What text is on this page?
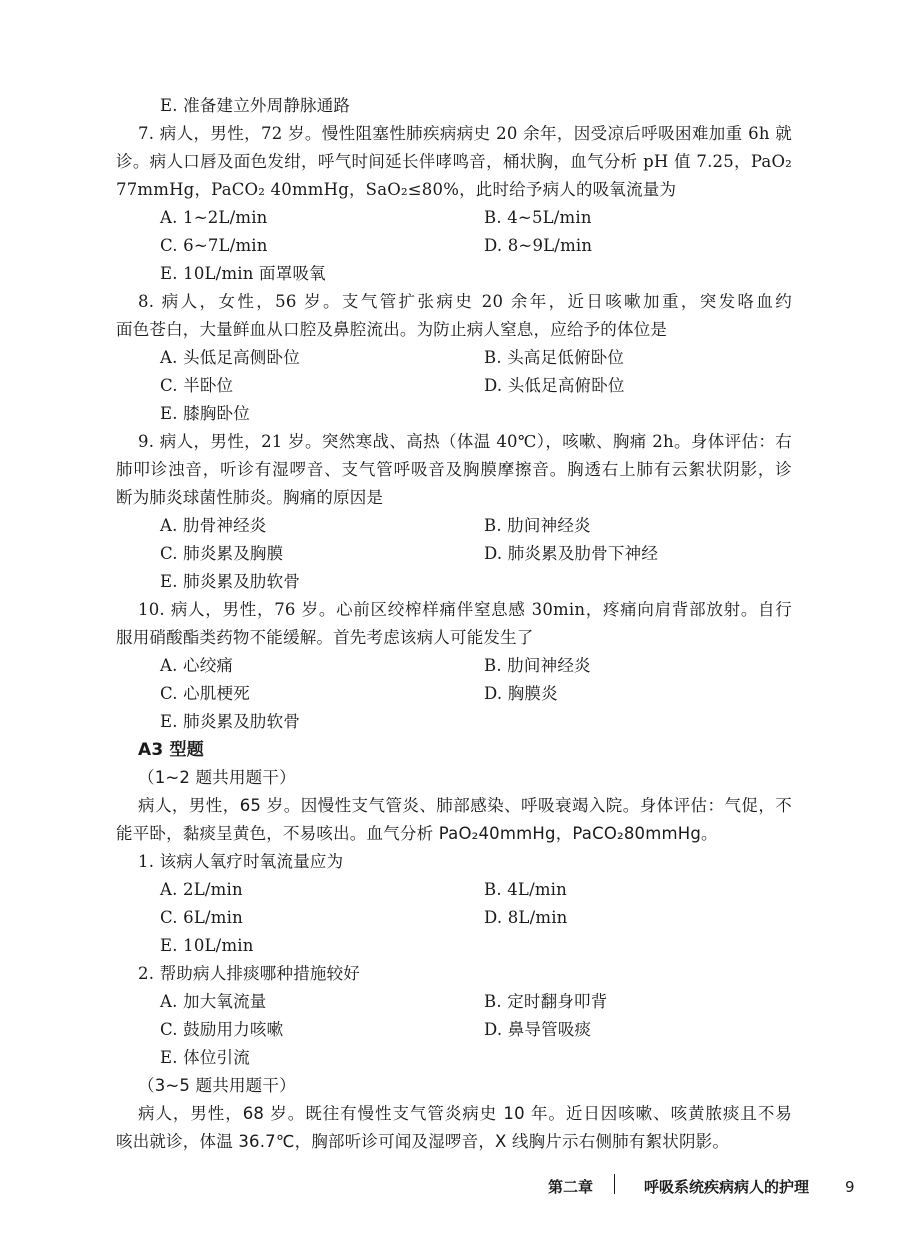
E. 准备建立外周静脉通路
7. 病人，男性，72 岁。慢性阻塞性肺疾病病史 20 余年，因受凉后呼吸困难加重 6h 就
诊。病人口唇及面色发绀，呼气时间延长伴哮鸣音，桶状胸，血气分析 pH 值 7.25，PaO₂
77mmHg，PaCO₂ 40mmHg，SaO₂≤80%，此时给予病人的吸氧流量为
A. 1~2L/min	B. 4~5L/min
C. 6~7L/min	D. 8~9L/min
E. 10L/min 面罩吸氧
8. 病人，女性，56 岁。支气管扩张病史 20 余年，近日咳嗽加重，突发咯血约
面色苍白，大量鲜血从口腔及鼻腔流出。为防止病人窒息，应给予的体位是
A. 头低足高侧卧位	B. 头高足低俯卧位
C. 半卧位	D. 头低足高俯卧位
E. 膝胸卧位
9. 病人，男性，21 岁。突然寒战、高热（体温 40℃），咳嗽、胸痛 2h。身体评估：右
肺叩诊浊音，听诊有湿啰音、支气管呼吸音及胸膜摩擦音。胸透右上肺有云絮状阴影，诊
断为肺炎球菌性肺炎。胸痛的原因是
A. 肋骨神经炎	B. 肋间神经炎
C. 肺炎累及胸膜	D. 肺炎累及肋骨下神经
E. 肺炎累及肋软骨
10. 病人，男性，76 岁。心前区绞榨样痛伴窒息感 30min，疼痛向肩背部放射。自行
服用硝酸酯类药物不能缓解。首先考虑该病人可能发生了
A. 心绞痛	B. 肋间神经炎
C. 心肌梗死	D. 胸膜炎
E. 肺炎累及肋软骨
A3 型题
（1~2 题共用题干）
病人，男性，65 岁。因慢性支气管炎、肺部感染、呼吸衰竭入院。身体评估：气促，不
能平卧，黏痰呈黄色，不易咳出。血气分析 PaO₂40mmHg，PaCO₂80mmHg。
1. 该病人氧疗时氧流量应为
A. 2L/min	B. 4L/min
C. 6L/min	D. 8L/min
E. 10L/min
2. 帮助病人排痰哪种措施较好
A. 加大氧流量	B. 定时翻身叩背
C. 鼓励用力咳嗽	D. 鼻导管吸痰
E. 体位引流
（3~5 题共用题干）
病人，男性，68 岁。既往有慢性支气管炎病史 10 年。近日因咳嗽、咳黄脓痰且不易
咳出就诊，体温 36.7℃，胸部听诊可闻及湿啰音，X 线胸片示右侧肺有絮状阴影。
第二章	呼吸系统疾病病人的护理 9
